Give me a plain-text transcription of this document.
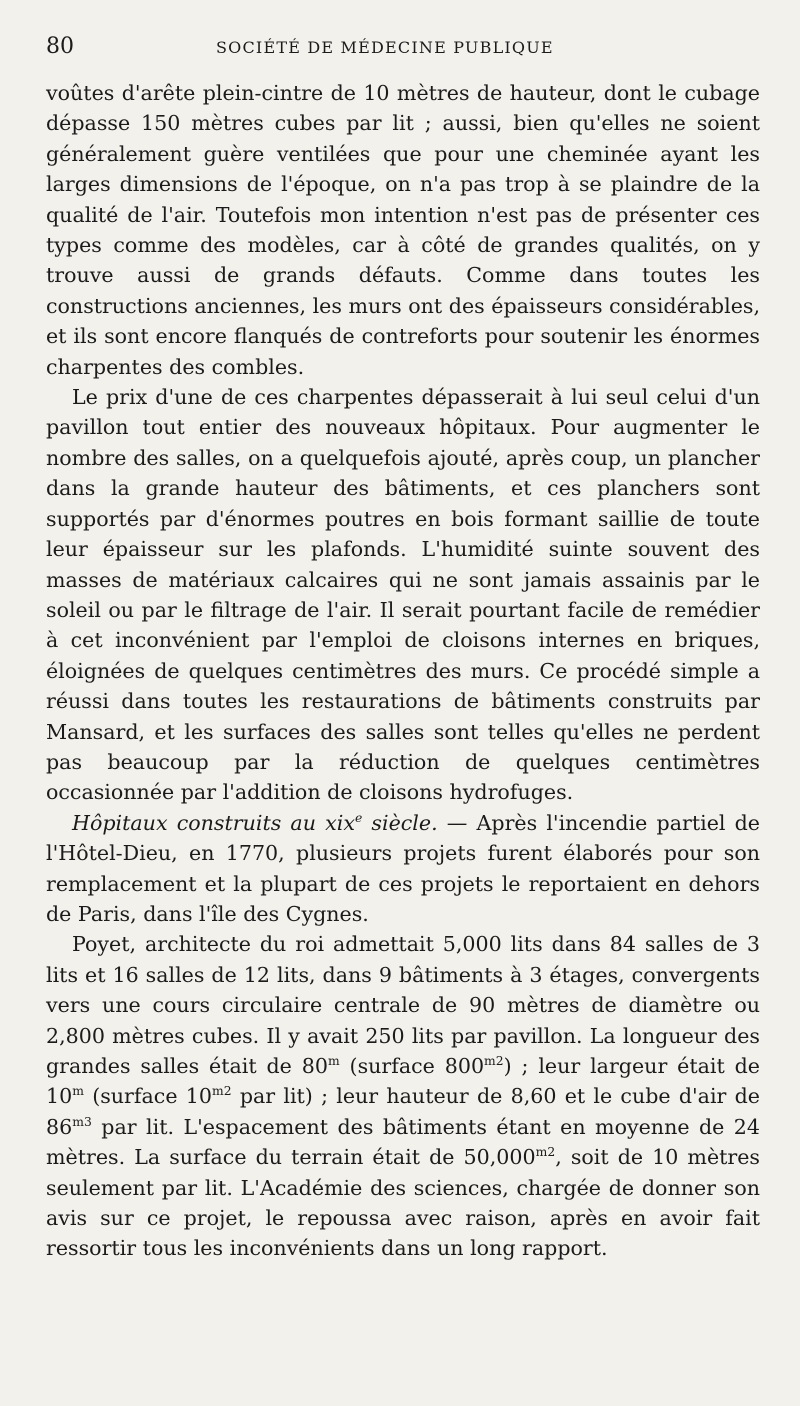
80	SOCIÉTÉ DE MÉDECINE PUBLIQUE

voûtes d'arête plein-cintre de 10 mètres de hauteur, dont le cubage dépasse 150 mètres cubes par lit ; aussi, bien qu'elles ne soient généralement guère ventilées que pour une cheminée ayant les larges dimensions de l'époque, on n'a pas trop à se plaindre de la qualité de l'air. Toutefois mon intention n'est pas de présenter ces types comme des modèles, car à côté de grandes qualités, on y trouve aussi de grands défauts. Comme dans toutes les constructions anciennes, les murs ont des épaisseurs considérables, et ils sont encore flanqués de contreforts pour soutenir les énormes charpentes des combles.

Le prix d'une de ces charpentes dépasserait à lui seul celui d'un pavillon tout entier des nouveaux hôpitaux. Pour augmenter le nombre des salles, on a quelquefois ajouté, après coup, un plancher dans la grande hauteur des bâtiments, et ces planchers sont supportés par d'énormes poutres en bois formant saillie de toute leur épaisseur sur les plafonds. L'humidité suinte souvent des masses de matériaux calcaires qui ne sont jamais assainis par le soleil ou par le filtrage de l'air. Il serait pourtant facile de remédier à cet inconvénient par l'emploi de cloisons internes en briques, éloignées de quelques centimètres des murs. Ce procédé simple a réussi dans toutes les restaurations de bâtiments construits par Mansard, et les surfaces des salles sont telles qu'elles ne perdent pas beaucoup par la réduction de quelques centimètres occasionnée par l'addition de cloisons hydrofuges.

Hôpitaux construits au xix$^e$ siècle. — Après l'incendie partiel de l'Hôtel-Dieu, en 1770, plusieurs projets furent élaborés pour son remplacement et la plupart de ces projets le reportaient en dehors de Paris, dans l'île des Cygnes.

Poyet, architecte du roi admettait 5,000 lits dans 84 salles de 3 lits et 16 salles de 12 lits, dans 9 bâtiments à 3 étages, convergents vers une cours circulaire centrale de 90 mètres de diamètre ou 2,800 mètres cubes. Il y avait 250 lits par pavillon. La longueur des grandes salles était de 80$^m$ (surface $800^{m2}$) ; leur largeur était de 10$^m$ (surface $10^{m2}$ par lit) ; leur hauteur de 8,60 et le cube d'air de $86^{m3}$ par lit. L'espacement des bâtiments étant en moyenne de 24 mètres. La surface du terrain était de $50,000^{m2}$, soit de 10 mètres seulement par lit. L'Académie des sciences, chargée de donner son avis sur ce projet, le repoussa avec raison, après en avoir fait ressortir tous les inconvénients dans un long rapport.
